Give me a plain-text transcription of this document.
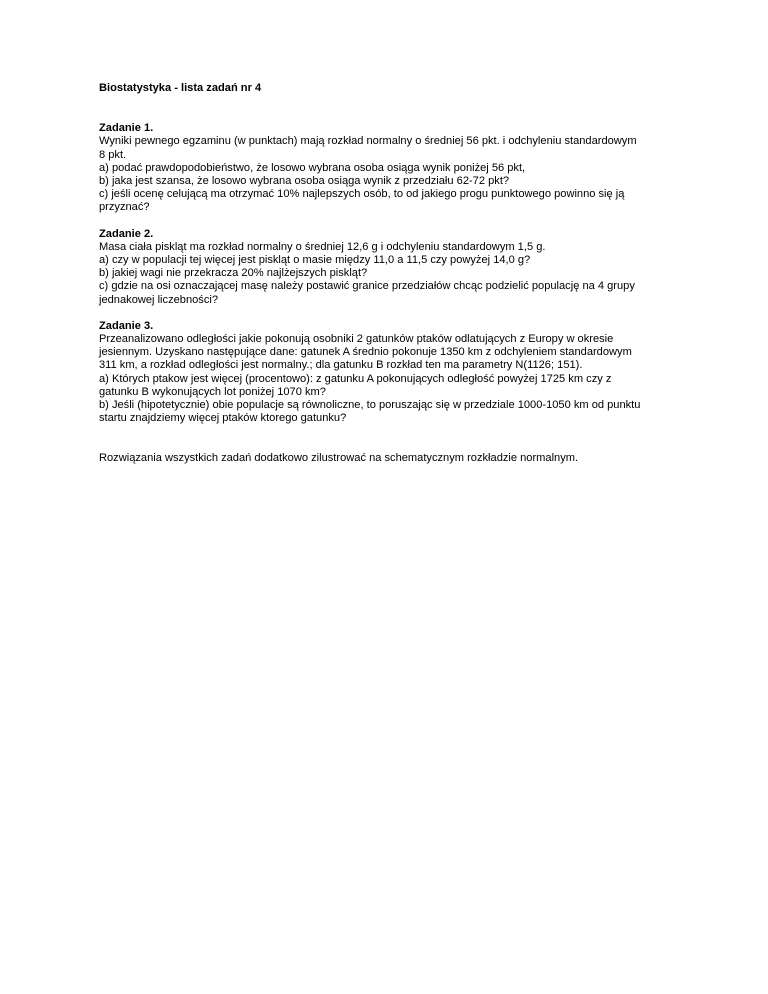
Biostatystyka - lista zadań nr 4

Zadanie 1.

Wyniki pewnego egzaminu (w punktach) mają rozkład normalny o średniej 56 pkt. i odchyleniu standardowym

8 pkt.

a) podać prawdopodobieństwo, że losowo wybrana osoba osiąga wynik poniżej 56 pkt,

b) jaka jest szansa, że losowo wybrana osoba osiąga wynik z przedziału 62-72 pkt?

c) jeśli ocenę celującą ma otrzymać 10% najlepszych osób, to od jakiego progu punktowego powinno się ją

przyznać?

Zadanie 2.

Masa ciała piskląt ma rozkład normalny o średniej 12,6 g i odchyleniu standardowym 1,5 g.

a) czy w populacji tej więcej jest piskląt o masie między 11,0 a 11,5 czy powyżej 14,0 g?

b) jakiej wagi nie przekracza 20% najlżejszych piskląt?

c) gdzie na osi oznaczającej masę należy postawić granice przedziałów chcąc podzielić populację na 4 grupy

jednakowej liczebności?

Zadanie 3.

Przeanalizowano odległości jakie pokonują osobniki 2 gatunków ptaków odlatujących z Europy w okresie

jesiennym. Uzyskano następujące dane: gatunek A średnio pokonuje 1350 km z odchyleniem standardowym

311 km, a rozkład odległości jest normalny.; dla gatunku B rozkład ten ma parametry N(1126; 151).

a) Których ptakow jest więcej (procentowo): z gatunku A pokonujących odległość powyżej 1725 km czy z

gatunku B wykonujących lot poniżej 1070 km?

b) Jeśli (hipotetycznie) obie populacje są równoliczne, to poruszając się w przedziale 1000-1050 km od punktu

startu znajdziemy więcej ptaków ktorego gatunku?

Rozwiązania wszystkich zadań dodatkowo zilustrować na schematycznym rozkładzie normalnym.
